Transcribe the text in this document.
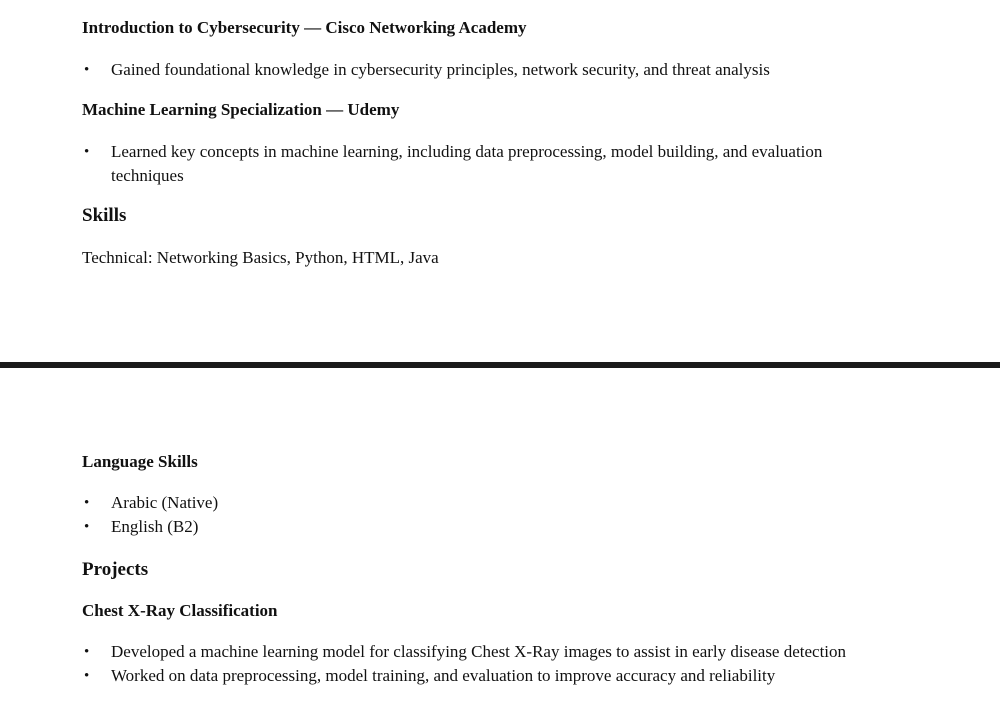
Introduction to Cybersecurity — Cisco Networking Academy
• Gained foundational knowledge in cybersecurity principles, network security, and threat analysis
Machine Learning Specialization — Udemy
• Learned key concepts in machine learning, including data preprocessing, model building, and evaluation techniques
Skills

Technical: Networking Basics, Python, HTML, Java

Language Skills
• Arabic (Native)
• English (B2)
Projects
Chest X-Ray Classification
• Developed a machine learning model for classifying Chest X-Ray images to assist in early disease detection
• Worked on data preprocessing, model training, and evaluation to improve accuracy and reliability
